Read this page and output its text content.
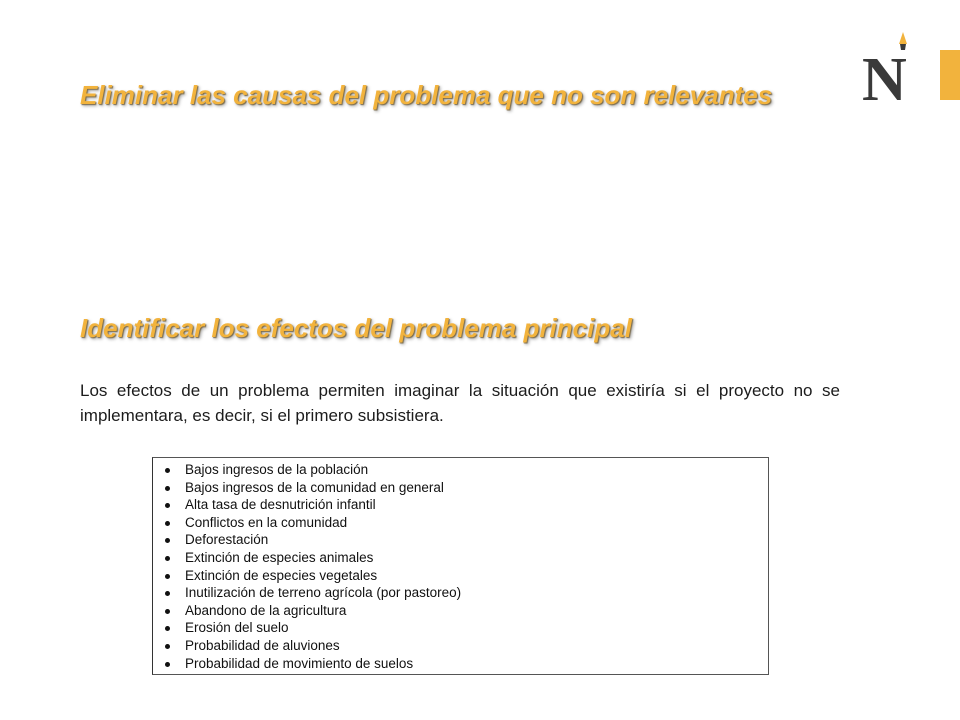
N
Eliminar las causas del problema que no son relevantes
Identificar los efectos del problema principal

Los efectos de un problema permiten imaginar la situación que existiría si el proyecto no se implementara, es decir, si el primero subsistiera.

Bajos ingresos de la población
Bajos ingresos de la comunidad en general
Alta tasa de desnutrición infantil
Conflictos en la comunidad
Deforestación
Extinción de especies animales
Extinción de especies vegetales
Inutilización de terreno agrícola (por pastoreo)
Abandono de la agricultura
Erosión del suelo
Probabilidad de aluviones
Probabilidad de movimiento de suelos
